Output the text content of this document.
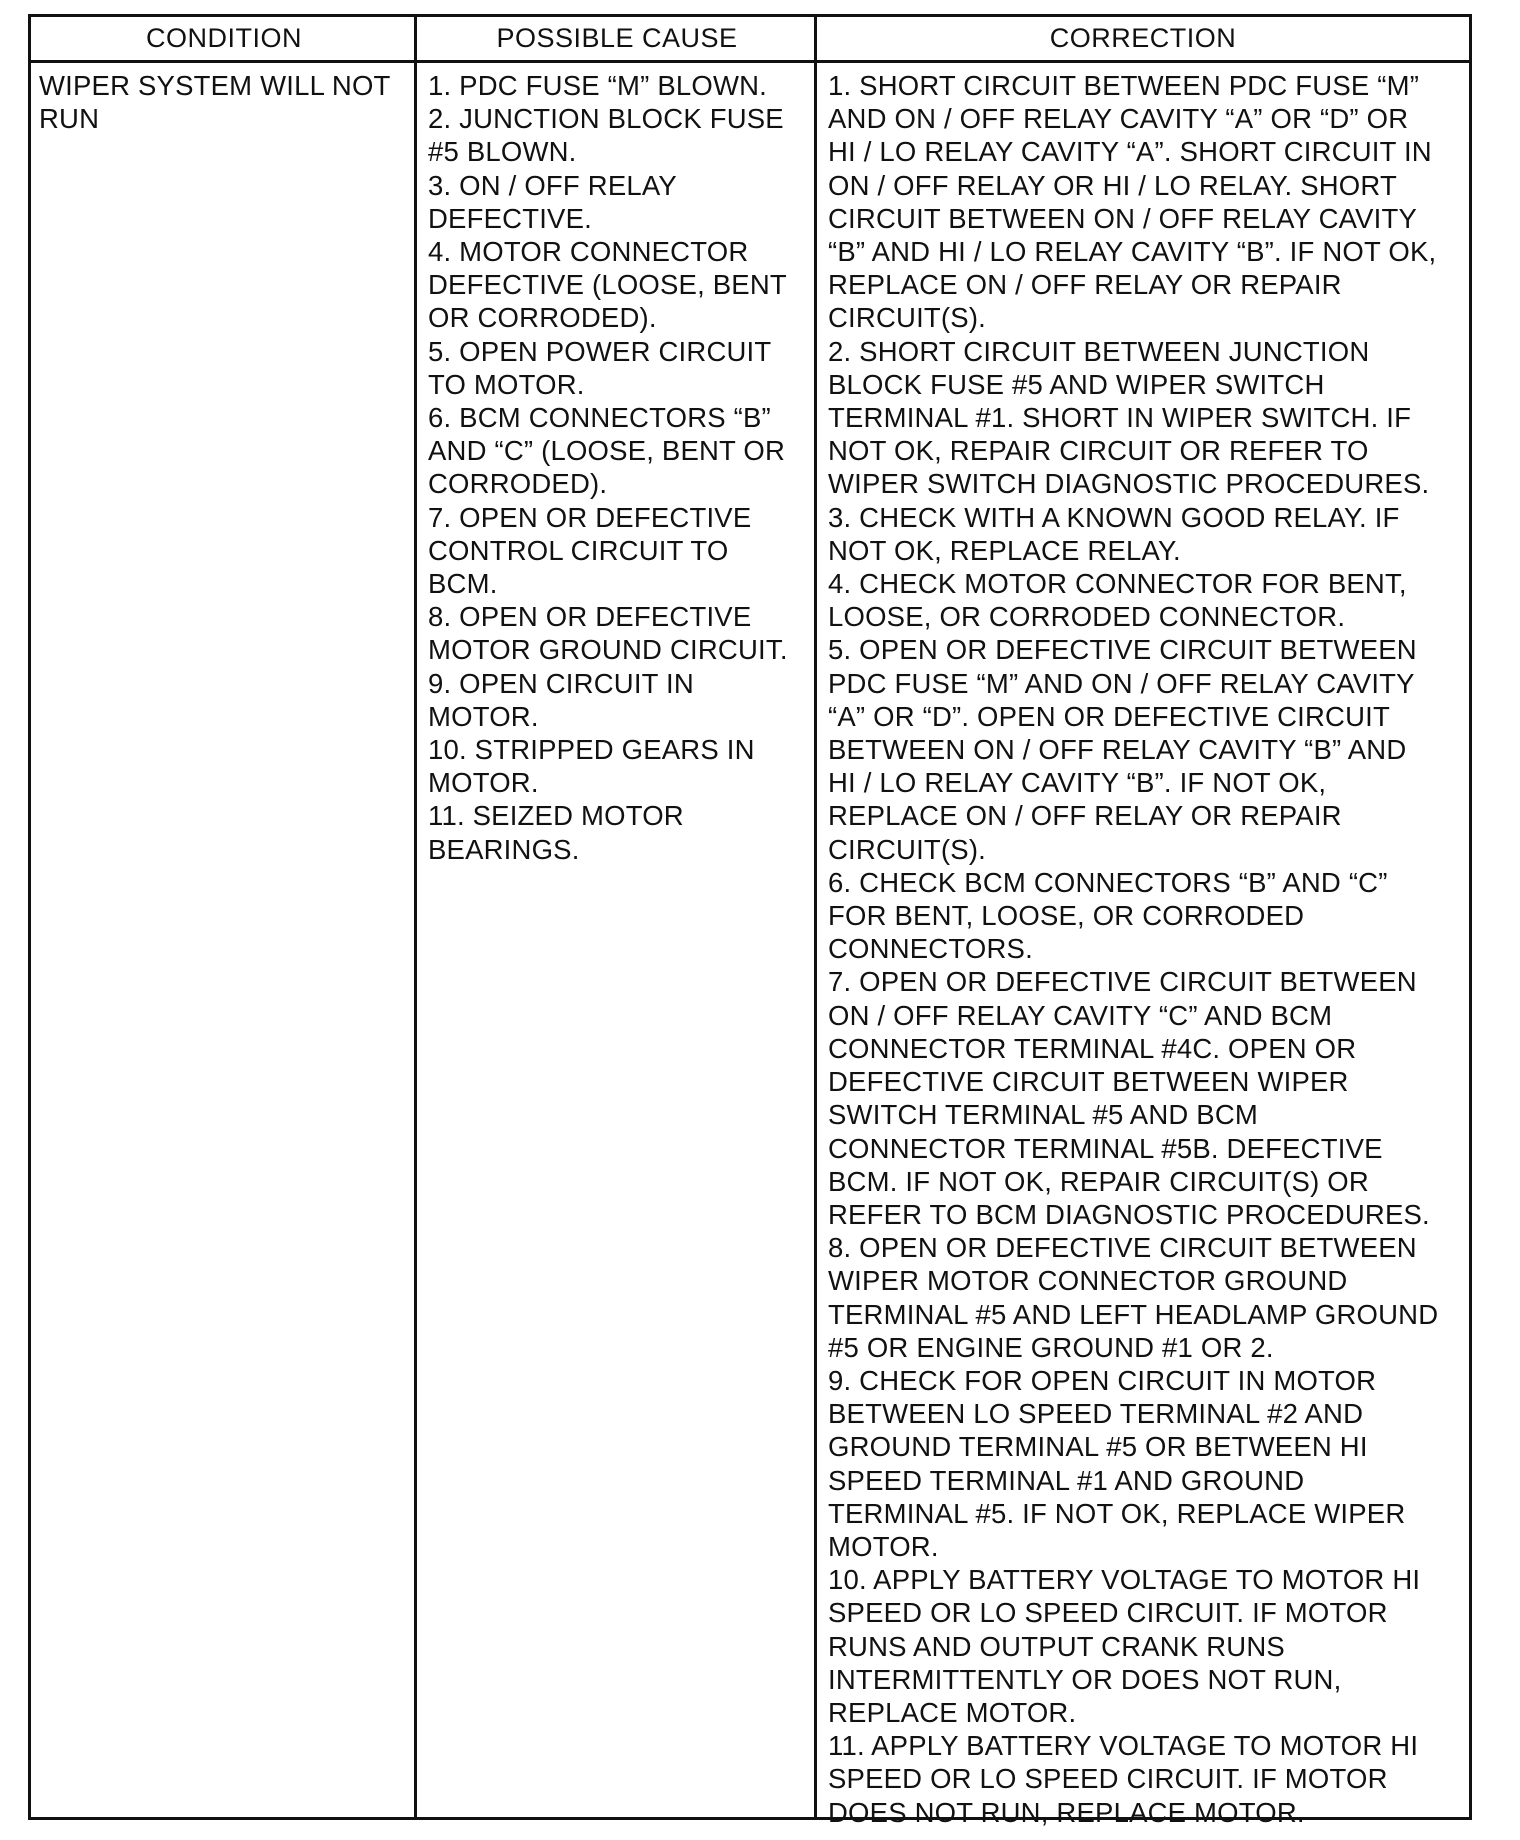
CONDITION	POSSIBLE CAUSE	CORRECTION
WIPER SYSTEM WILL NOT
RUN
1. PDC FUSE “M” BLOWN.
2. JUNCTION BLOCK FUSE
#5 BLOWN.
3. ON / OFF RELAY
DEFECTIVE.
4. MOTOR CONNECTOR
DEFECTIVE (LOOSE, BENT
OR CORRODED).
5. OPEN POWER CIRCUIT
TO MOTOR.
6. BCM CONNECTORS “B”
AND “C” (LOOSE, BENT OR
CORRODED).
7. OPEN OR DEFECTIVE
CONTROL CIRCUIT TO
BCM.
8. OPEN OR DEFECTIVE
MOTOR GROUND CIRCUIT.
9. OPEN CIRCUIT IN
MOTOR.
10. STRIPPED GEARS IN
MOTOR.
11. SEIZED MOTOR
BEARINGS.
1. SHORT CIRCUIT BETWEEN PDC FUSE “M”
AND ON / OFF RELAY CAVITY “A” OR “D” OR
HI / LO RELAY CAVITY “A”. SHORT CIRCUIT IN
ON / OFF RELAY OR HI / LO RELAY. SHORT
CIRCUIT BETWEEN ON / OFF RELAY CAVITY
“B” AND HI / LO RELAY CAVITY “B”. IF NOT OK,
REPLACE ON / OFF RELAY OR REPAIR
CIRCUIT(S).
2. SHORT CIRCUIT BETWEEN JUNCTION
BLOCK FUSE #5 AND WIPER SWITCH
TERMINAL #1. SHORT IN WIPER SWITCH. IF
NOT OK, REPAIR CIRCUIT OR REFER TO
WIPER SWITCH DIAGNOSTIC PROCEDURES.
3. CHECK WITH A KNOWN GOOD RELAY. IF
NOT OK, REPLACE RELAY.
4. CHECK MOTOR CONNECTOR FOR BENT,
LOOSE, OR CORRODED CONNECTOR.
5. OPEN OR DEFECTIVE CIRCUIT BETWEEN
PDC FUSE “M” AND ON / OFF RELAY CAVITY
“A” OR “D”. OPEN OR DEFECTIVE CIRCUIT
BETWEEN ON / OFF RELAY CAVITY “B” AND
HI / LO RELAY CAVITY “B”. IF NOT OK,
REPLACE ON / OFF RELAY OR REPAIR
CIRCUIT(S).
6. CHECK BCM CONNECTORS “B” AND “C”
FOR BENT, LOOSE, OR CORRODED
CONNECTORS.
7. OPEN OR DEFECTIVE CIRCUIT BETWEEN
ON / OFF RELAY CAVITY “C” AND BCM
CONNECTOR TERMINAL #4C. OPEN OR
DEFECTIVE CIRCUIT BETWEEN WIPER
SWITCH TERMINAL #5 AND BCM
CONNECTOR TERMINAL #5B. DEFECTIVE
BCM. IF NOT OK, REPAIR CIRCUIT(S) OR
REFER TO BCM DIAGNOSTIC PROCEDURES.
8. OPEN OR DEFECTIVE CIRCUIT BETWEEN
WIPER MOTOR CONNECTOR GROUND
TERMINAL #5 AND LEFT HEADLAMP GROUND
#5 OR ENGINE GROUND #1 OR 2.
9. CHECK FOR OPEN CIRCUIT IN MOTOR
BETWEEN LO SPEED TERMINAL #2 AND
GROUND TERMINAL #5 OR BETWEEN HI
SPEED TERMINAL #1 AND GROUND
TERMINAL #5. IF NOT OK, REPLACE WIPER
MOTOR.
10. APPLY BATTERY VOLTAGE TO MOTOR HI
SPEED OR LO SPEED CIRCUIT. IF MOTOR
RUNS AND OUTPUT CRANK RUNS
INTERMITTENTLY OR DOES NOT RUN,
REPLACE MOTOR.
11. APPLY BATTERY VOLTAGE TO MOTOR HI
SPEED OR LO SPEED CIRCUIT. IF MOTOR
DOES NOT RUN, REPLACE MOTOR.
